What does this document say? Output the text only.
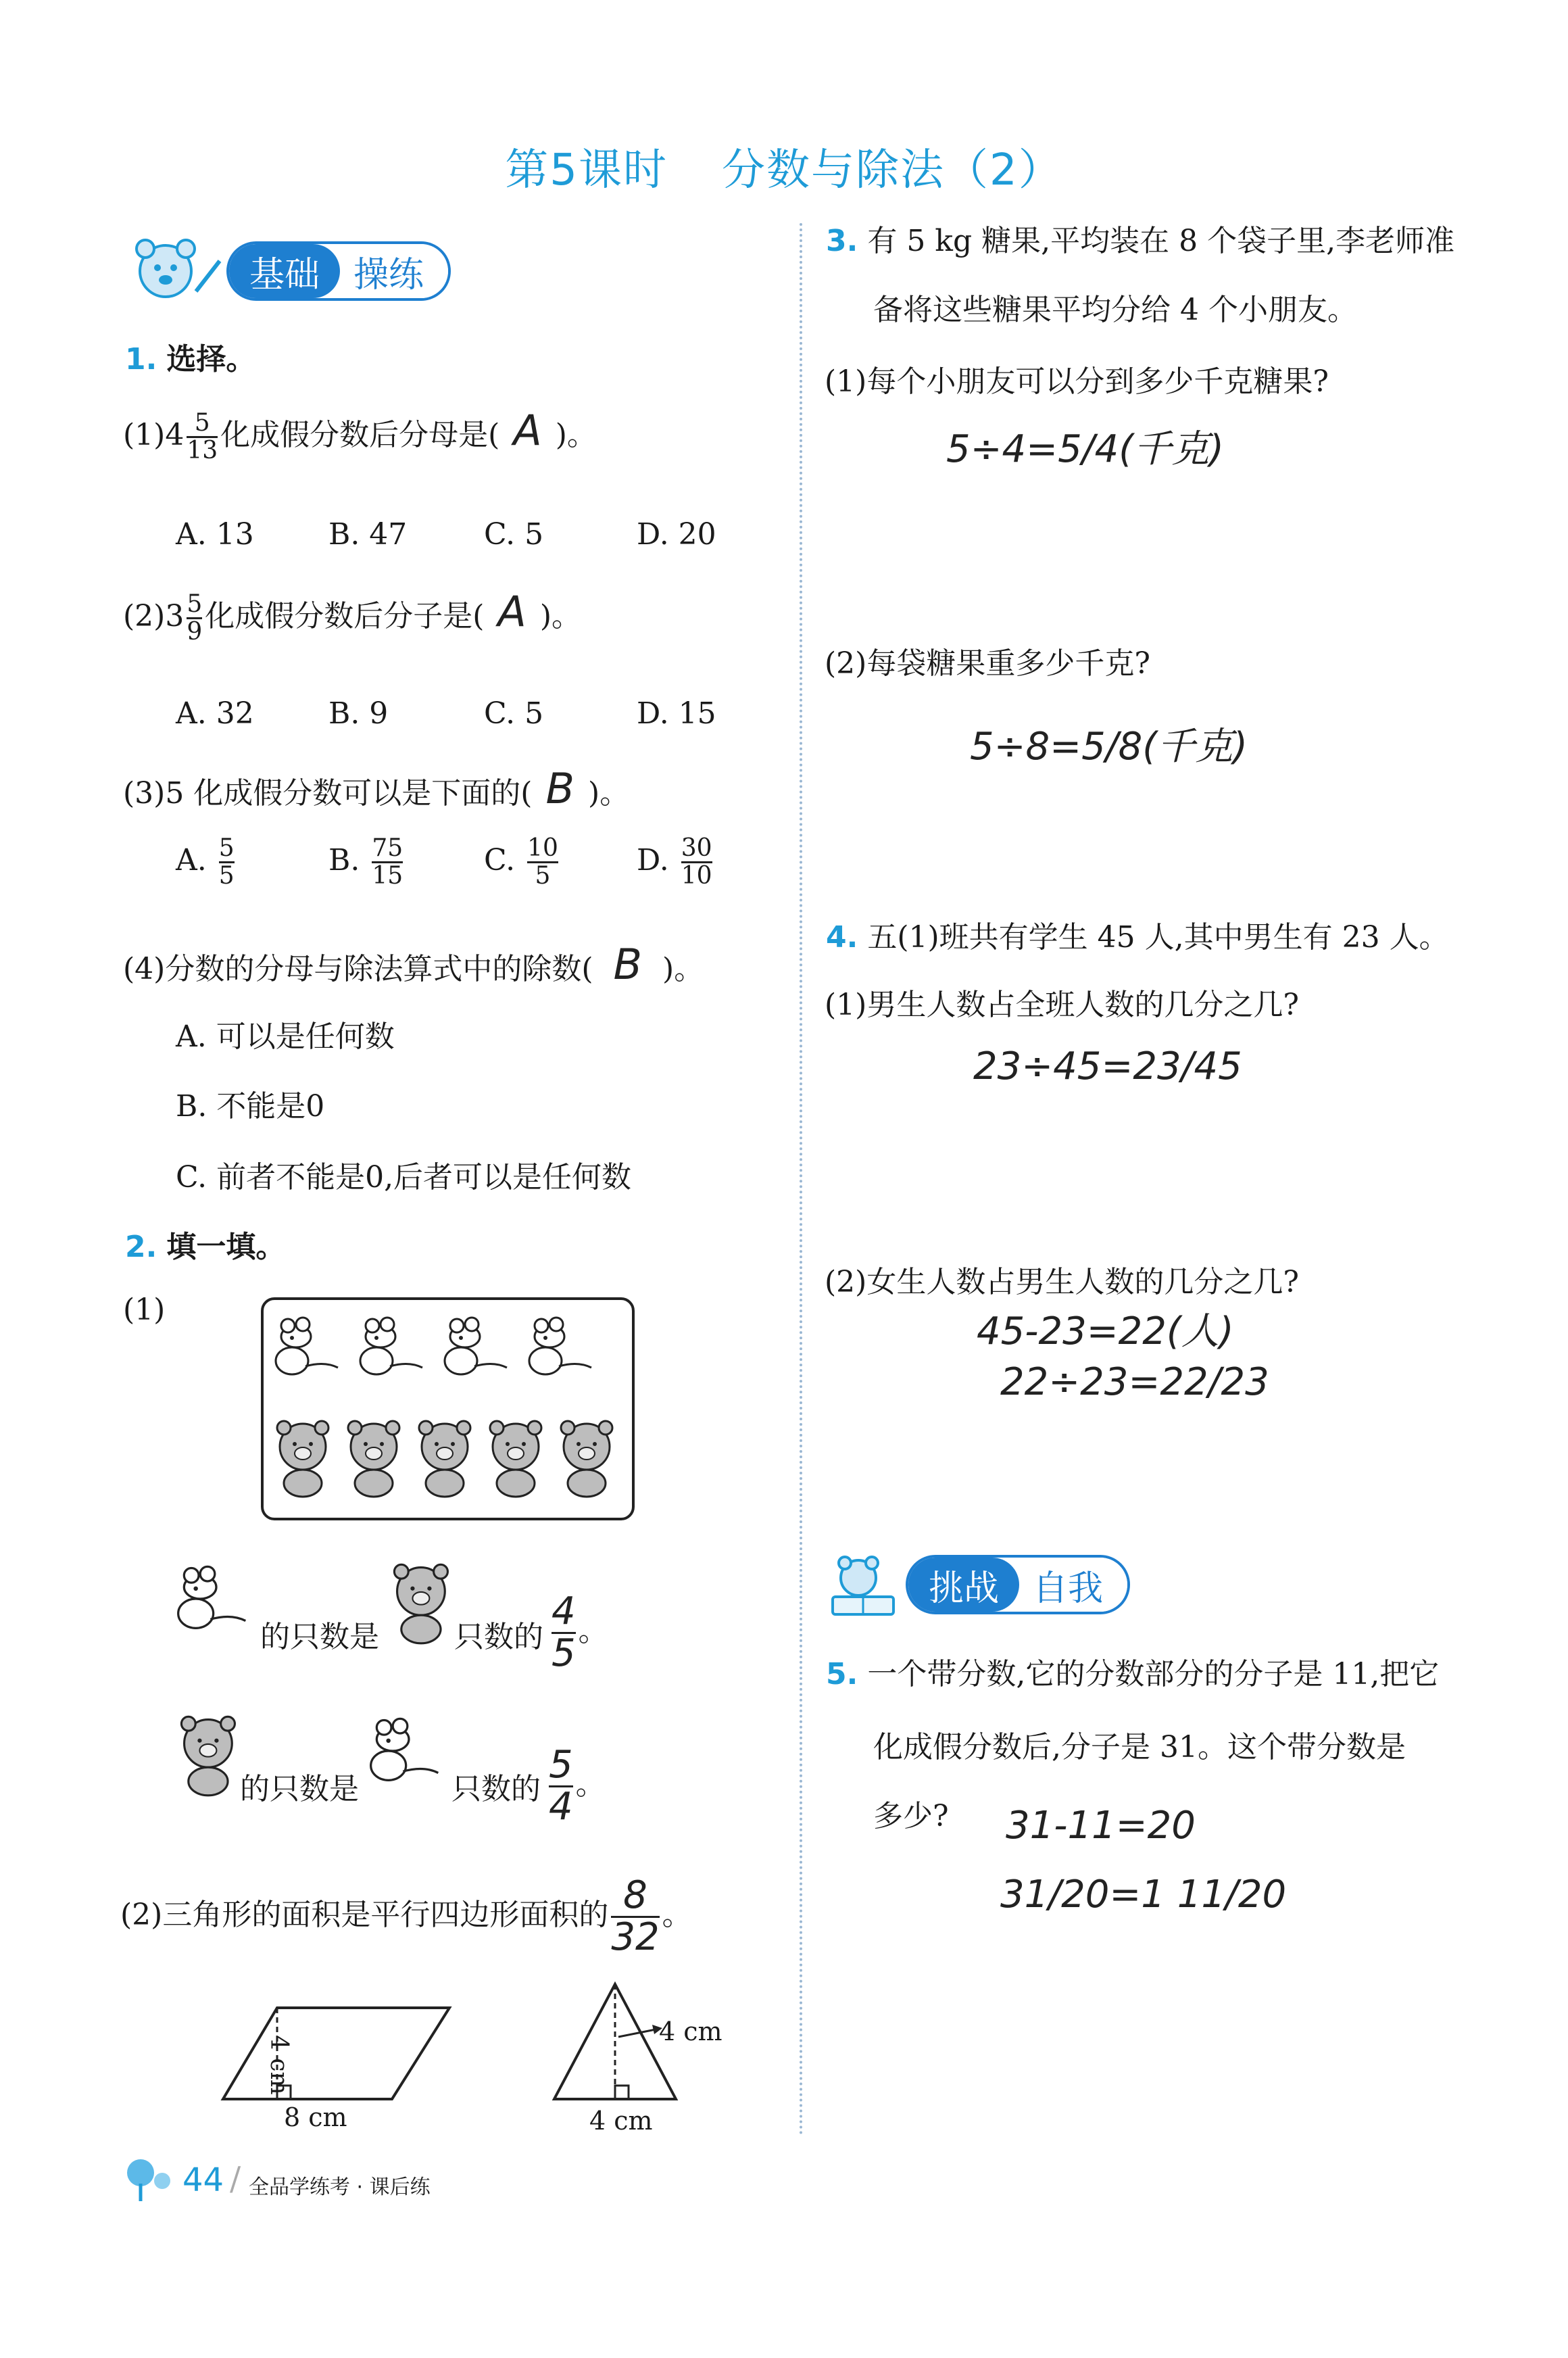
第5课时 分数与除法（2）
基础 操练
1. 选择。
$(1)4 \frac{5}{13}$ 化成假分数后分母是( A )。
A. 13	B. 47	C. 5	D. 20
$(2)3 \frac{5}{9}$ 化成假分数后分子是( A )。
A. 32	B. 9	C. 5	D. 15
(3)5 化成假分数可以是下面的( B )。
A. $\frac{5}{5}$	B. $\frac{75}{15}$	C. $\frac{10}{5}$	D. $\frac{30}{10}$
(4)分数的分母与除法算式中的除数( B )。
A. 可以是任何数
B. 不能是0
C. 前者不能是0,后者可以是任何数
2. 填一填。
(1)
的只数是	只数的 $\frac{4}{5}$ 。
的只数是	只数的 $\frac{5}{4}$ 。
(2)三角形的面积是平行四边形面积的 $\frac{8}{32}$ 。
4 cm
8 cm
4 cm
4 cm
44 / 全品学练考 · 课后练
3. 有 5 kg 糖果,平均装在 8 个袋子里,李老师准
备将这些糖果平均分给 4 个小朋友。
(1)每个小朋友可以分到多少千克糖果?
5÷4=5/4(千克)
(2)每袋糖果重多少千克?
5÷8=5/8(千克)
4. 五(1)班共有学生 45 人,其中男生有 23 人。
(1)男生人数占全班人数的几分之几?
23÷45=23/45
(2)女生人数占男生人数的几分之几?
45-23=22(人)
22÷23=22/23
挑战 自我
5. 一个带分数,它的分数部分的分子是 11,把它
化成假分数后,分子是 31。这个带分数是
多少? 31-11=20
31/20=1 11/20
